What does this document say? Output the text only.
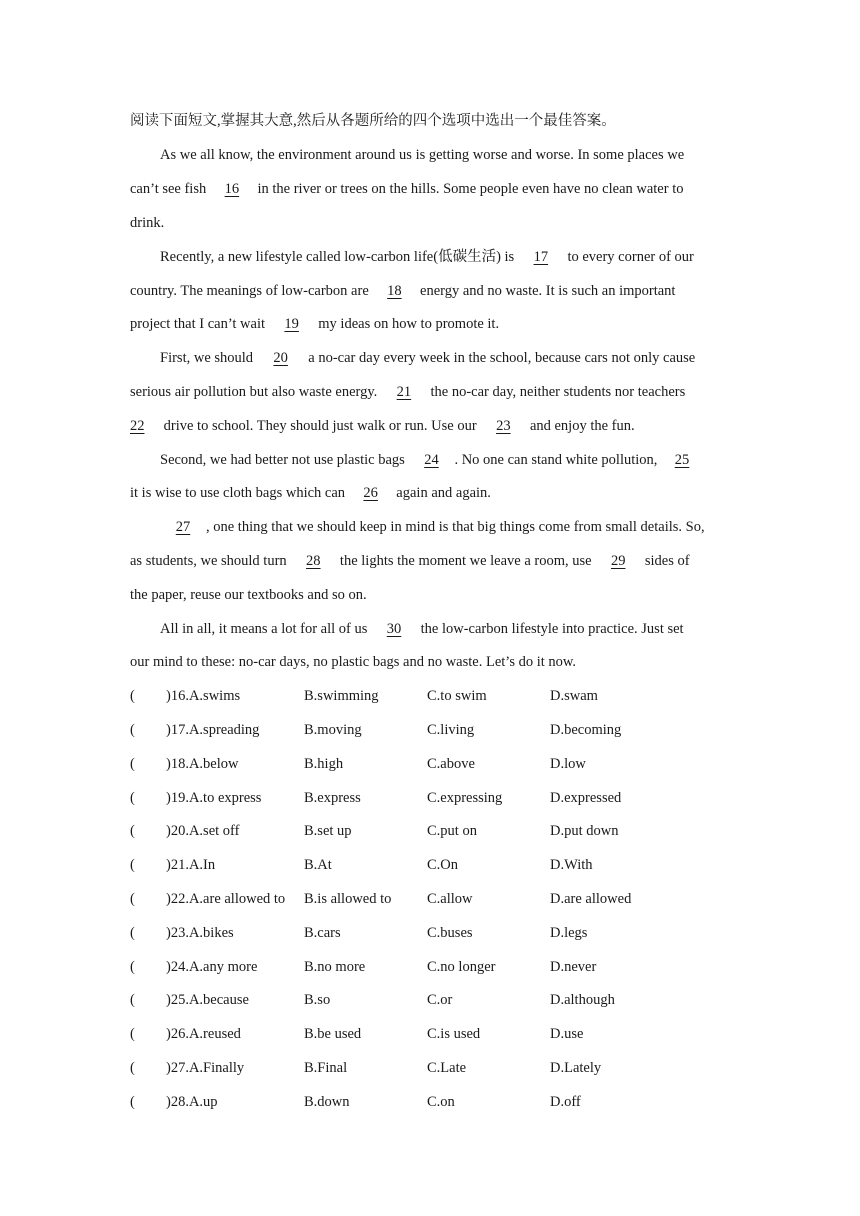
阅读下面短文,掌握其大意,然后从各题所给的四个选项中选出一个最佳答案。
As we all know, the environment around us is getting worse and worse. In some places we
can’t see fish 16 in the river or trees on the hills. Some people even have no clean water to
drink.
Recently, a new lifestyle called low-carbon life(低碳生活) is 17 to every corner of our
country. The meanings of low-carbon are 18 energy and no waste. It is such an important
project that I can’t wait 19 my ideas on how to promote it.
First, we should 20 a no-car day every week in the school, because cars not only cause
serious air pollution but also waste energy. 21 the no-car day, neither students nor teachers
22 drive to school. They should just walk or run. Use our 23 and enjoy the fun.
Second, we had better not use plastic bags 24 . No one can stand white pollution, 25
it is wise to use cloth bags which can 26 again and again.
27 , one thing that we should keep in mind is that big things come from small details. So,
as students, we should turn 28 the lights the moment we leave a room, use 29 sides of
the paper, reuse our textbooks and so on.
All in all, it means a lot for all of us 30 the low-carbon lifestyle into practice. Just set
our mind to these: no-car days, no plastic bags and no waste. Let’s do it now.
( )16.A.swims	B.swimming	C.to swim	D.swam
( )17.A.spreading	B.moving	C.living	D.becoming
( )18.A.below	B.high	C.above	D.low
( )19.A.to express	B.express	C.expressing	D.expressed
( )20.A.set off	B.set up	C.put on	D.put down
( )21.A.In	B.At	C.On	D.With
( )22.A.are allowed to B.is allowed to C.allow	D.are allowed
( )23.A.bikes	B.cars	C.buses	D.legs
( )24.A.any more	B.no more	C.no longer	D.never
( )25.A.because	B.so	C.or	D.although
( )26.A.reused	B.be used	C.is used	D.use
( )27.A.Finally	B.Final	C.Late	D.Lately
( )28.A.up	B.down	C.on	D.off
